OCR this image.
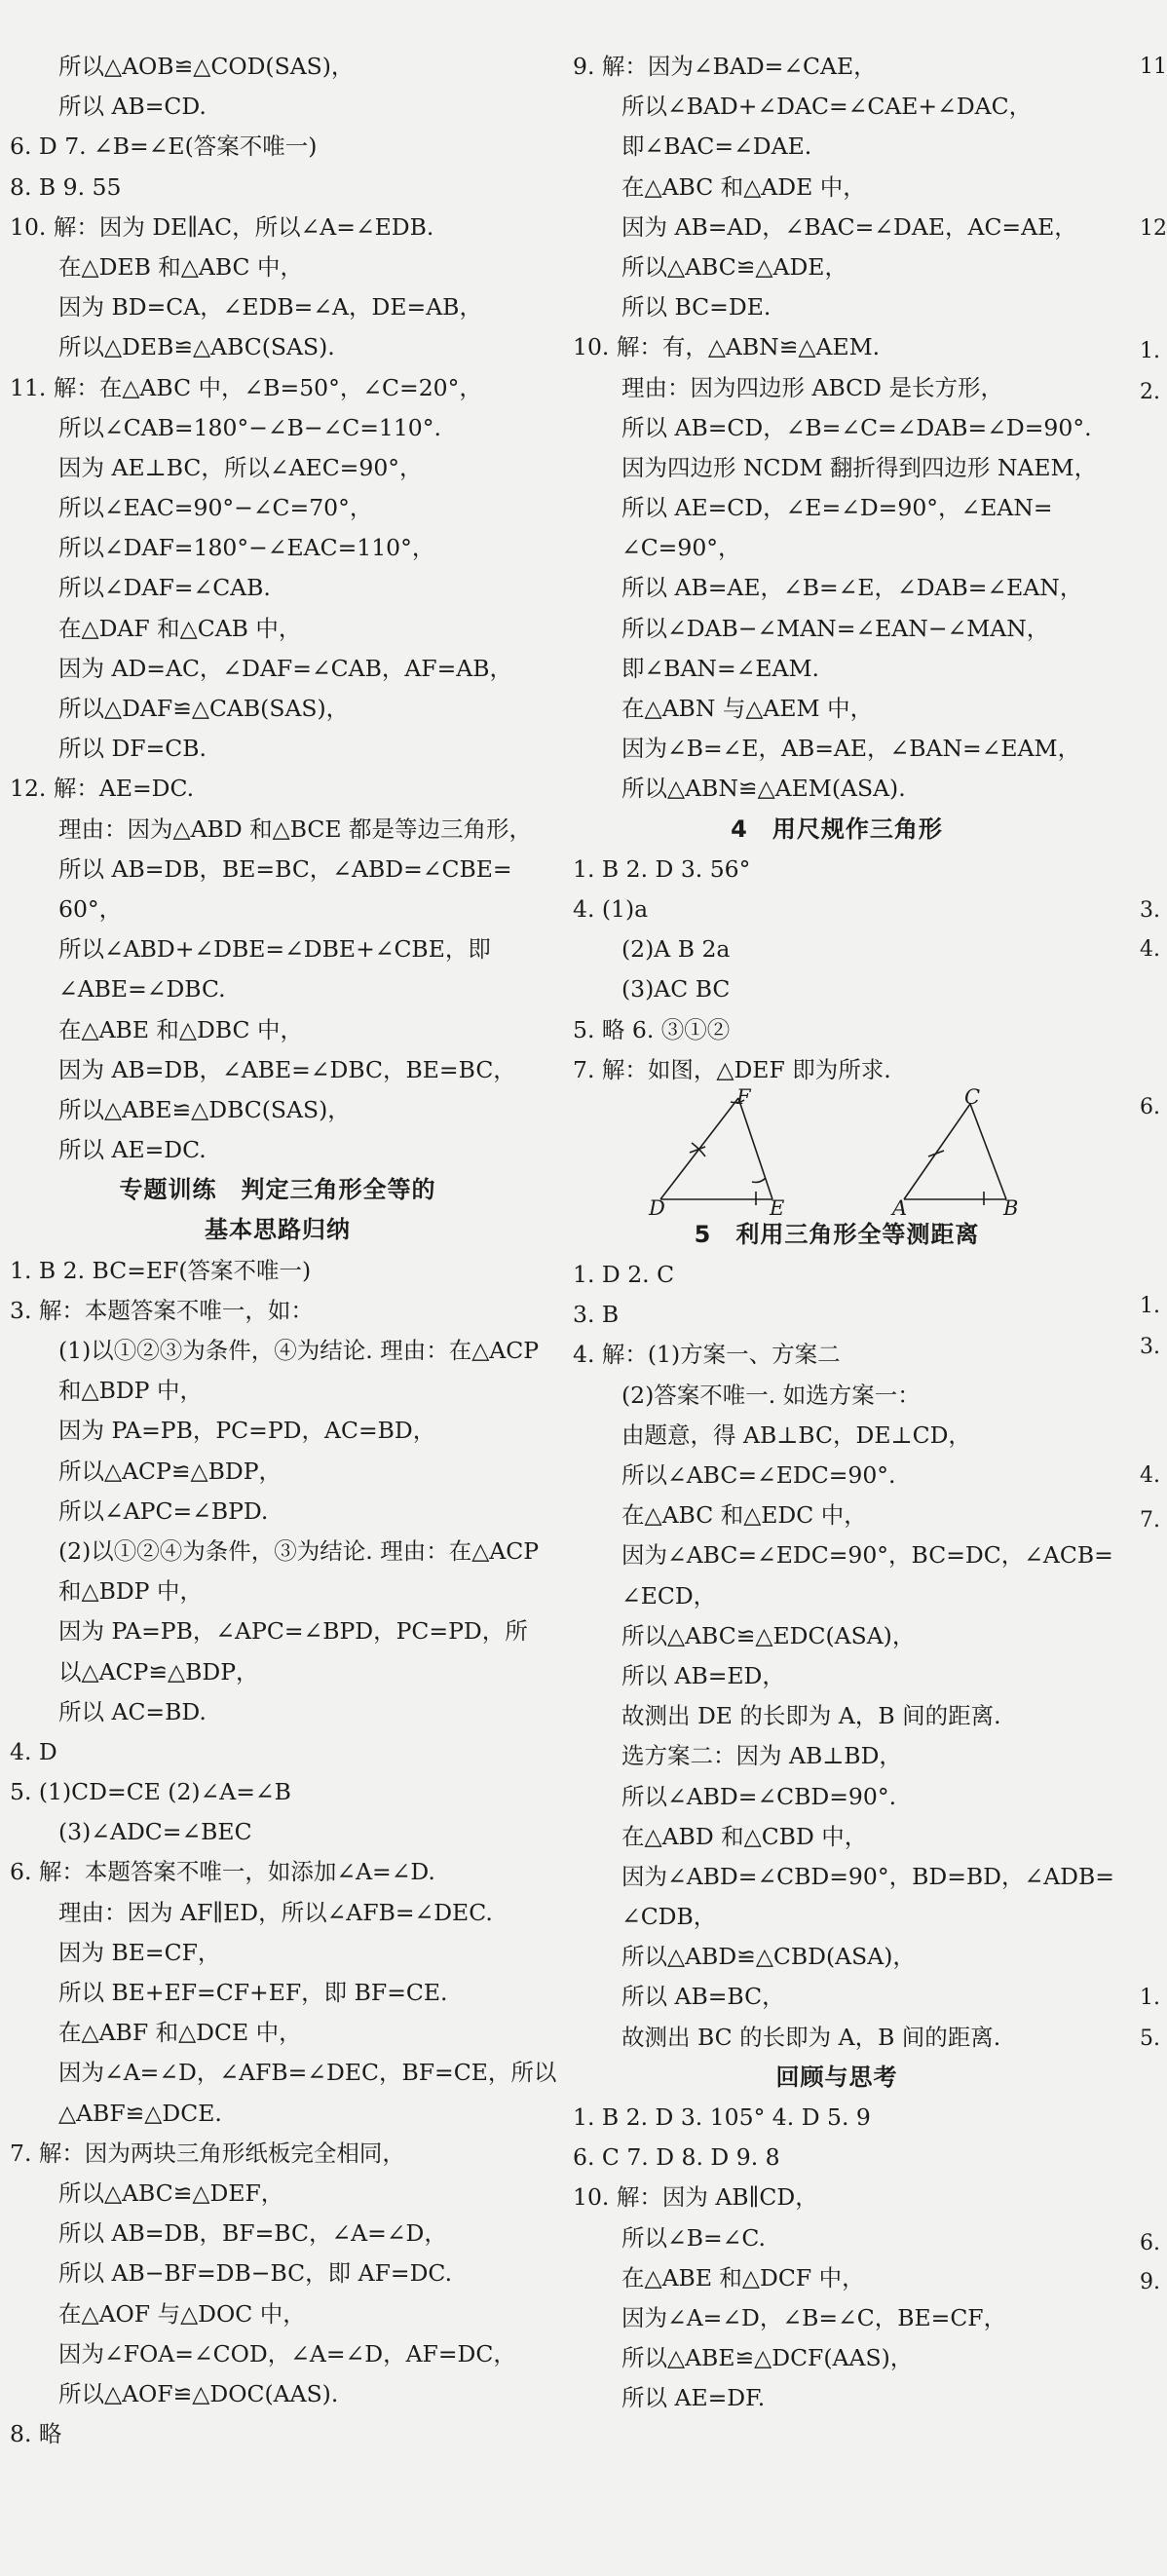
所以△AOB≌△COD(SAS)，
所以 AB=CD.
6. D 7. ∠B=∠E(答案不唯一)
8. B 9. 55
10. 解：因为 DE∥AC，所以∠A=∠EDB.
在△DEB 和△ABC 中，
因为 BD=CA，∠EDB=∠A，DE=AB，
所以△DEB≌△ABC(SAS).
11. 解：在△ABC 中，∠B=50°，∠C=20°，
所以∠CAB=180°−∠B−∠C=110°.
因为 AE⊥BC，所以∠AEC=90°，
所以∠EAC=90°−∠C=70°，
所以∠DAF=180°−∠EAC=110°，
所以∠DAF=∠CAB.
在△DAF 和△CAB 中，
因为 AD=AC，∠DAF=∠CAB，AF=AB，
所以△DAF≌△CAB(SAS)，
所以 DF=CB.
12. 解：AE=DC.
理由：因为△ABD 和△BCE 都是等边三角形，
所以 AB=DB，BE=BC，∠ABD=∠CBE=
60°，
所以∠ABD+∠DBE=∠DBE+∠CBE，即
∠ABE=∠DBC.
在△ABE 和△DBC 中，
因为 AB=DB，∠ABE=∠DBC，BE=BC，
所以△ABE≌△DBC(SAS)，
所以 AE=DC.
专题训练　判定三角形全等的
基本思路归纳
1. B 2. BC=EF(答案不唯一)
3. 解：本题答案不唯一，如：
(1)以①②③为条件，④为结论. 理由：在△ACP
和△BDP 中，
因为 PA=PB，PC=PD，AC=BD，
所以△ACP≌△BDP，
所以∠APC=∠BPD.
(2)以①②④为条件，③为结论. 理由：在△ACP
和△BDP 中，
因为 PA=PB，∠APC=∠BPD，PC=PD，所
以△ACP≌△BDP，
所以 AC=BD.
4. D
5. (1)CD=CE (2)∠A=∠B
(3)∠ADC=∠BEC
6. 解：本题答案不唯一，如添加∠A=∠D.
理由：因为 AF∥ED，所以∠AFB=∠DEC.
因为 BE=CF，
所以 BE+EF=CF+EF，即 BF=CE.
在△ABF 和△DCE 中，
因为∠A=∠D，∠AFB=∠DEC，BF=CE，所以
△ABF≌△DCE.
7. 解：因为两块三角形纸板完全相同，
所以△ABC≌△DEF，
所以 AB=DB，BF=BC，∠A=∠D，
所以 AB−BF=DB−BC，即 AF=DC.
在△AOF 与△DOC 中，
因为∠FOA=∠COD，∠A=∠D，AF=DC，
所以△AOF≌△DOC(AAS).
8. 略
9. 解：因为∠BAD=∠CAE，
所以∠BAD+∠DAC=∠CAE+∠DAC，
即∠BAC=∠DAE.
在△ABC 和△ADE 中，
因为 AB=AD，∠BAC=∠DAE，AC=AE，
所以△ABC≌△ADE，
所以 BC=DE.
10. 解：有，△ABN≌△AEM.
理由：因为四边形 ABCD 是长方形，
所以 AB=CD，∠B=∠C=∠DAB=∠D=90°.
因为四边形 NCDM 翻折得到四边形 NAEM，
所以 AE=CD，∠E=∠D=90°，∠EAN=
∠C=90°，
所以 AB=AE，∠B=∠E，∠DAB=∠EAN，
所以∠DAB−∠MAN=∠EAN−∠MAN，
即∠BAN=∠EAM.
在△ABN 与△AEM 中，
因为∠B=∠E，AB=AE，∠BAN=∠EAM，
所以△ABN≌△AEM(ASA).
4　用尺规作三角形
1. B 2. D 3. 56°
4. (1)a
(2)A B 2a
(3)AC BC
5. 略 6. ③①②
7. 解：如图，△DEF 即为所求.
D	E
F
A	B
C
5　利用三角形全等测距离
1. D 2. C
3. B
4. 解：(1)方案一、方案二
(2)答案不唯一. 如选方案一：
由题意，得 AB⊥BC，DE⊥CD，
所以∠ABC=∠EDC=90°.
在△ABC 和△EDC 中，
因为∠ABC=∠EDC=90°，BC=DC，∠ACB=
∠ECD，
所以△ABC≌△EDC(ASA)，
所以 AB=ED，
故测出 DE 的长即为 A，B 间的距离.
选方案二：因为 AB⊥BD，
所以∠ABD=∠CBD=90°.
在△ABD 和△CBD 中，
因为∠ABD=∠CBD=90°，BD=BD，∠ADB=
∠CDB，
所以△ABD≌△CBD(ASA)，
所以 AB=BC，
故测出 BC 的长即为 A，B 间的距离.
回顾与思考
1. B 2. D 3. 105° 4. D 5. 9
6. C 7. D 8. D 9. 8
10. 解：因为 AB∥CD，
所以∠B=∠C.
在△ABE 和△DCF 中，
因为∠A=∠D，∠B=∠C，BE=CF，
所以△ABE≌△DCF(AAS)，
所以 AE=DF.
11
12
1.
2.
3.
4.
6.
1.
3.
4.
7.
1.
5.
6.
9.
